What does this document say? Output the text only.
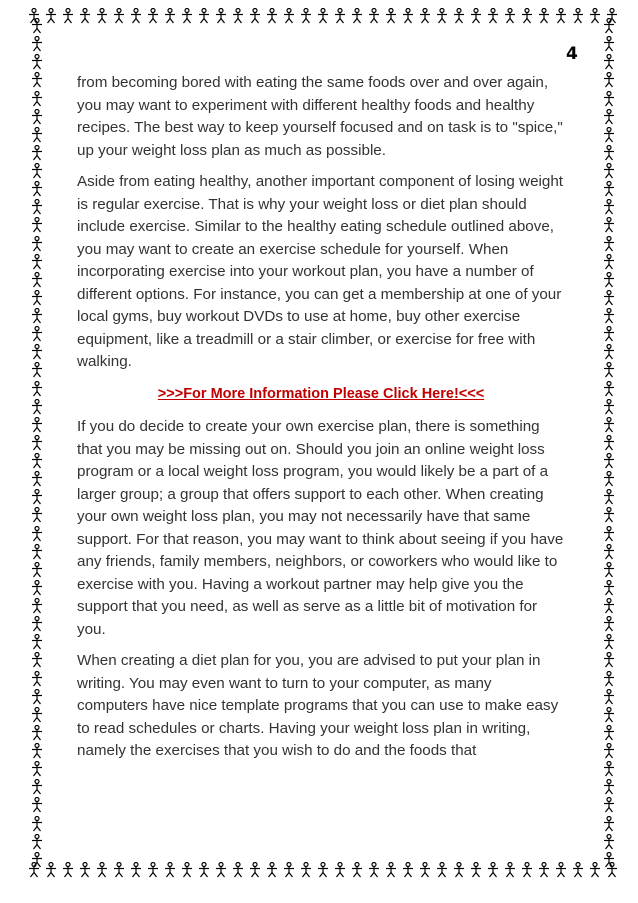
4

from becoming bored with eating the same foods over and over again, you may want to experiment with different healthy foods and healthy recipes. The best way to keep yourself focused and on task is to "spice," up your weight loss plan as much as possible.

Aside from eating healthy, another important component of losing weight is regular exercise. That is why your weight loss or diet plan should include exercise. Similar to the healthy eating schedule outlined above, you may want to create an exercise schedule for yourself. When incorporating exercise into your workout plan, you have a number of different options. For instance, you can get a membership at one of your local gyms, buy workout DVDs to use at home, buy other exercise equipment, like a treadmill or a stair climber, or exercise for free with walking.

>>>For More Information Please Click Here!<<<

If you do decide to create your own exercise plan, there is something that you may be missing out on. Should you join an online weight loss program or a local weight loss program, you would likely be a part of a larger group; a group that offers support to each other. When creating your own weight loss plan, you may not necessarily have that same support. For that reason, you may want to think about seeing if you have any friends, family members, neighbors, or coworkers who would like to exercise with you. Having a workout partner may help give you the support that you need, as well as serve as a little bit of motivation for you.

When creating a diet plan for you, you are advised to put your plan in writing. You may even want to turn to your computer, as many computers have nice template programs that you can use to make easy to read schedules or charts. Having your weight loss plan in writing, namely the exercises that you wish to do and the foods that
